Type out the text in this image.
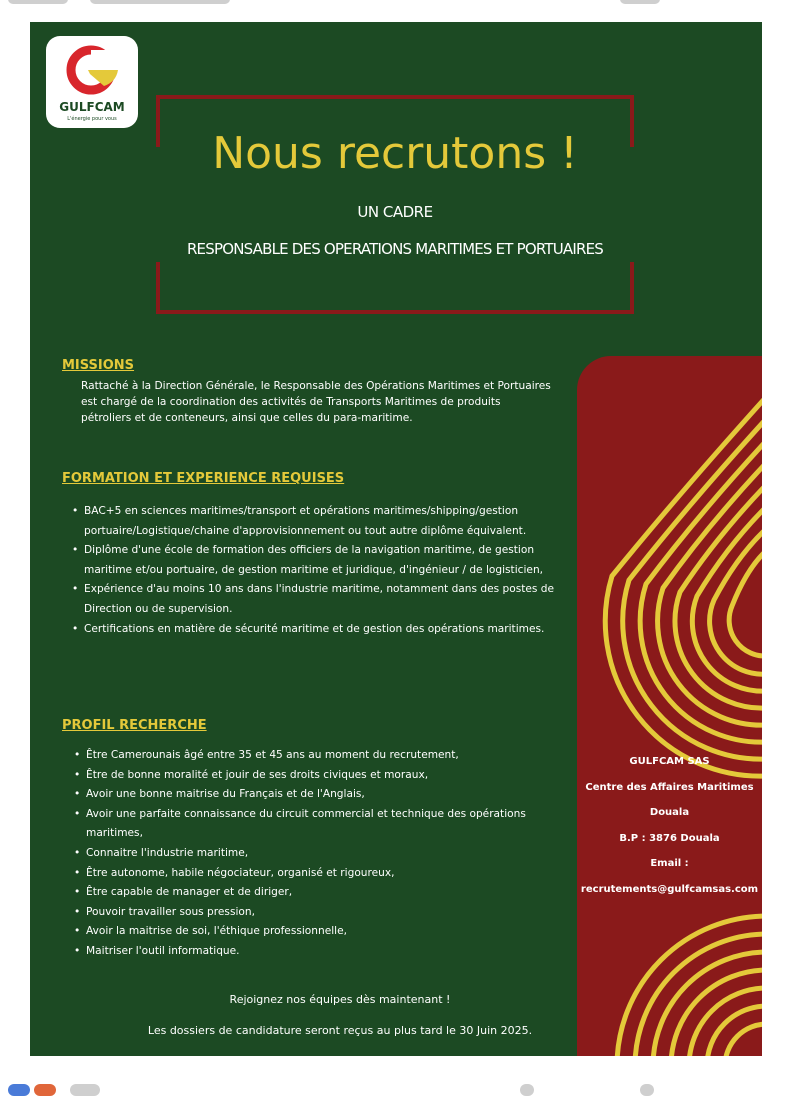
GULFCAM
L'énergie pour vous
Nous recrutons !
UN CADRE
RESPONSABLE DES OPERATIONS MARITIMES ET PORTUAIRES
GULFCAM SAS
Centre des Affaires Maritimes
Douala
B.P : 3876 Douala
Email :
recrutements@gulfcamsas.com
MISSIONS
Rattaché à la Direction Générale, le Responsable des Opérations Maritimes et Portuaires est chargé de la coordination des activités de Transports Maritimes de produits pétroliers et de conteneurs, ainsi que celles du para-maritime.
FORMATION ET EXPERIENCE REQUISES
• BAC+5 en sciences maritimes/transport et opérations maritimes/shipping/gestion portuaire/Logistique/chaine d'approvisionnement ou tout autre diplôme équivalent.
• Diplôme d'une école de formation des officiers de la navigation maritime, de gestion maritime et/ou portuaire, de gestion maritime et juridique, d'ingénieur / de logisticien,
• Expérience d'au moins 10 ans dans l'industrie maritime, notamment dans des postes de Direction ou de supervision.
• Certifications en matière de sécurité maritime et de gestion des opérations maritimes.
PROFIL RECHERCHE
• Être Camerounais âgé entre 35 et 45 ans au moment du recrutement,
• Être de bonne moralité et jouir de ses droits civiques et moraux,
• Avoir une bonne maitrise du Français et de l'Anglais,
• Avoir une parfaite connaissance du circuit commercial et technique des opérations maritimes,
• Connaitre l'industrie maritime,
• Être autonome, habile négociateur, organisé et rigoureux,
• Être capable de manager et de diriger,
• Pouvoir travailler sous pression,
• Avoir la maitrise de soi, l'éthique professionnelle,
• Maitriser l'outil informatique.
Rejoignez nos équipes dès maintenant !
Les dossiers de candidature seront reçus au plus tard le 30 Juin 2025.
